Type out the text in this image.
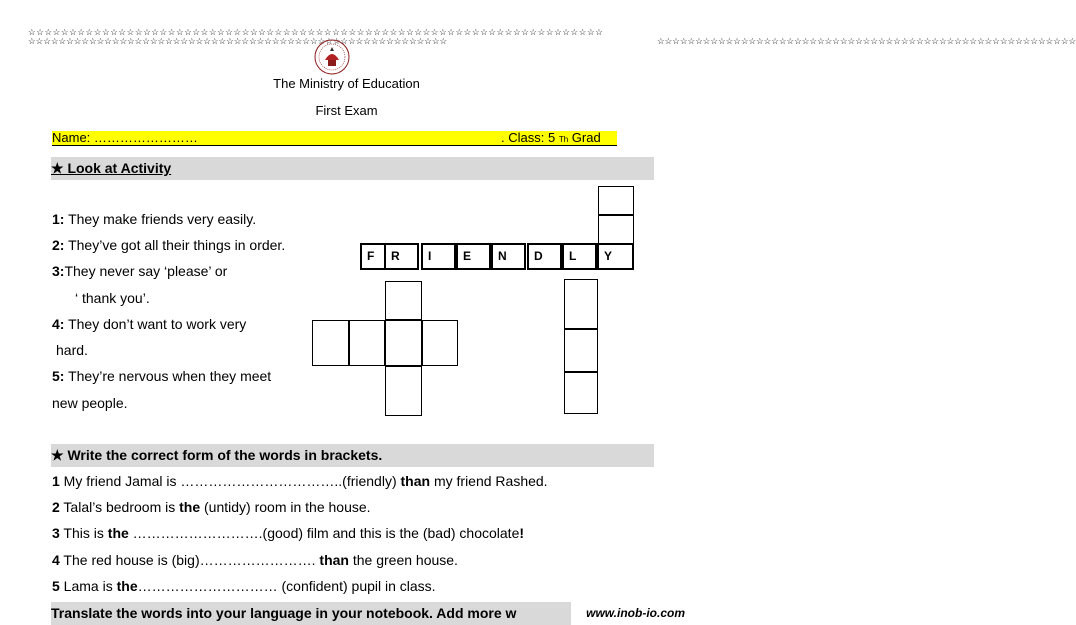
☆☆☆☆☆☆☆☆☆☆☆☆☆☆☆☆☆☆☆☆☆☆☆☆☆☆☆☆☆☆☆☆☆☆☆☆☆☆☆☆☆☆☆☆☆☆☆☆☆☆☆☆☆☆☆☆☆☆☆☆☆☆☆☆☆☆☆☆☆☆
☆☆☆☆☆☆☆☆☆☆☆☆☆☆☆☆☆☆☆☆☆☆☆☆☆☆☆☆☆☆☆☆☆☆☆☆☆☆☆☆☆☆☆☆☆☆☆☆☆☆☆☆☆☆☆	☆☆☆☆☆☆☆☆☆☆☆☆☆☆☆☆☆☆☆☆☆☆☆☆☆☆☆☆☆☆☆☆☆☆☆☆☆☆☆☆☆☆☆☆☆☆☆☆☆☆☆☆☆☆☆
The Ministry of Education
First Exam
Name: ……………………	. Class: 5 Th Grad
★ Look at Activity
1: They make friends very easily.
2: They’ve got all their things in order.
3:They never say ‘please’ or
‘ thank you’.
4: They don’t want to work very
hard.
5: They’re nervous when they meet
new people.
F	R	I	E	N	D	L	Y
★ Write the correct form of the words in brackets.
1 My friend Jamal is ……………………………..(friendly) than my friend Rashed.
2 Talal’s bedroom is the (untidy) room in the house.
3 This is the ……………………….(good) film and this is the (bad) chocolate!
4 The red house is (big)……………………. than the green house.
5 Lama is the………………………… (confident) pupil in class.
Translate the words into your language in your notebook. Add more w	www.inob-io.com
